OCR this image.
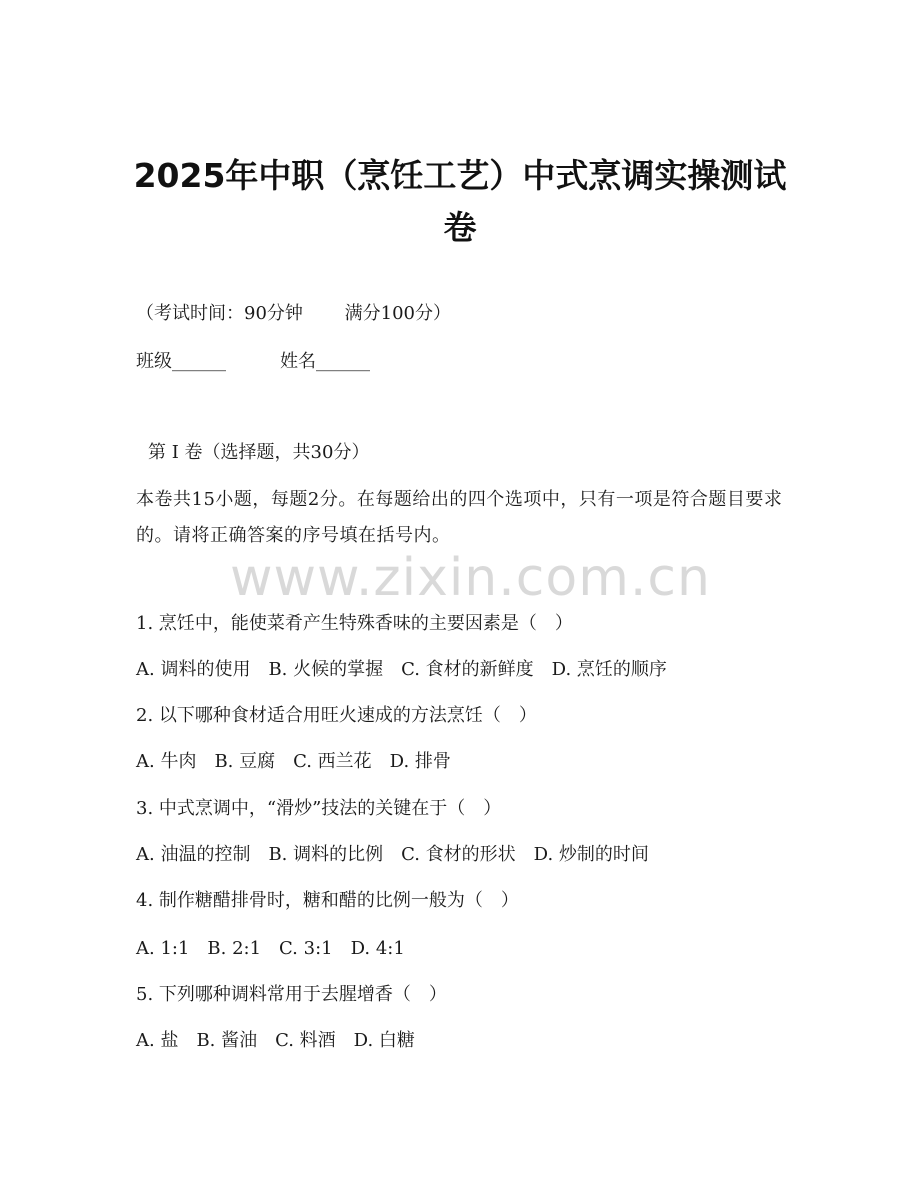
2025年中职（烹饪工艺）中式烹调实操测试卷

（考试时间：90分钟　　 满分100分）

班级______　　　姓名______

第 I 卷（选择题，共30分）

本卷共15小题，每题2分。在每题给出的四个选项中，只有一项是符合题目要求的。请将正确答案的序号填在括号内。

www.zixin.com.cn

1. 烹饪中，能使菜肴产生特殊香味的主要因素是（　）

A. 调料的使用　B. 火候的掌握　C. 食材的新鲜度　D. 烹饪的顺序

2. 以下哪种食材适合用旺火速成的方法烹饪（　）

A. 牛肉　B. 豆腐　C. 西兰花　D. 排骨

3. 中式烹调中，“滑炒”技法的关键在于（　）

A. 油温的控制　B. 调料的比例　C. 食材的形状　D. 炒制的时间

4. 制作糖醋排骨时，糖和醋的比例一般为（　）

A. 1:1　B. 2:1　C. 3:1　D. 4:1

5. 下列哪种调料常用于去腥增香（　）

A. 盐　B. 酱油　C. 料酒　D. 白糖
